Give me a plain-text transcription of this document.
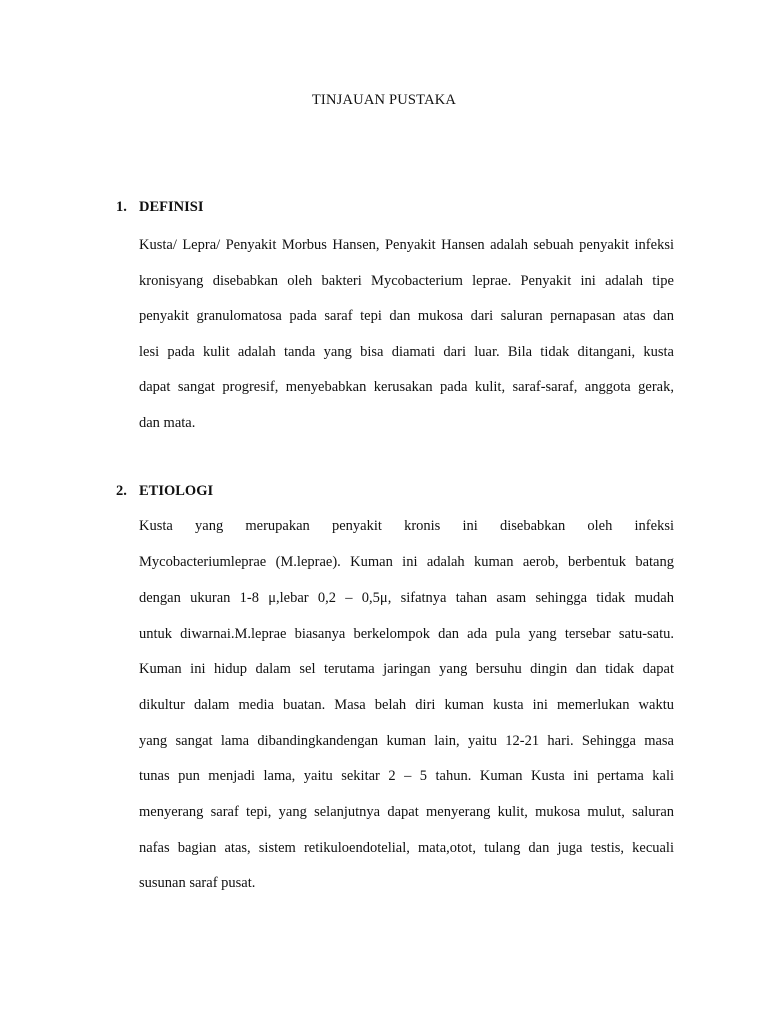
TINJAUAN PUSTAKA
1. DEFINISI
Kusta/ Lepra/ Penyakit Morbus Hansen, Penyakit Hansen adalah sebuah penyakit infeksi
kronisyang disebabkan oleh bakteri Mycobacterium leprae. Penyakit ini adalah tipe
penyakit granulomatosa pada saraf tepi dan mukosa dari saluran pernapasan atas dan
lesi pada kulit adalah tanda yang bisa diamati dari luar. Bila tidak ditangani, kusta
dapat sangat progresif, menyebabkan kerusakan pada kulit, saraf-saraf, anggota gerak,
dan mata.
2. ETIOLOGI
Kusta yang merupakan penyakit kronis ini disebabkan oleh infeksi
Mycobacteriumleprae (M.leprae). Kuman ini adalah kuman aerob, berbentuk batang
dengan ukuran 1-8 μ,lebar 0,2 – 0,5μ, sifatnya tahan asam sehingga tidak mudah
untuk diwarnai.M.leprae biasanya berkelompok dan ada pula yang tersebar satu-satu.
Kuman ini hidup dalam sel terutama jaringan yang bersuhu dingin dan tidak dapat
dikultur dalam media buatan. Masa belah diri kuman kusta ini memerlukan waktu
yang sangat lama dibandingkandengan kuman lain, yaitu 12-21 hari. Sehingga masa
tunas pun menjadi lama, yaitu sekitar 2 – 5 tahun. Kuman Kusta ini pertama kali
menyerang saraf tepi, yang selanjutnya dapat menyerang kulit, mukosa mulut, saluran
nafas bagian atas, sistem retikuloendotelial, mata,otot, tulang dan juga testis, kecuali
susunan saraf pusat.
